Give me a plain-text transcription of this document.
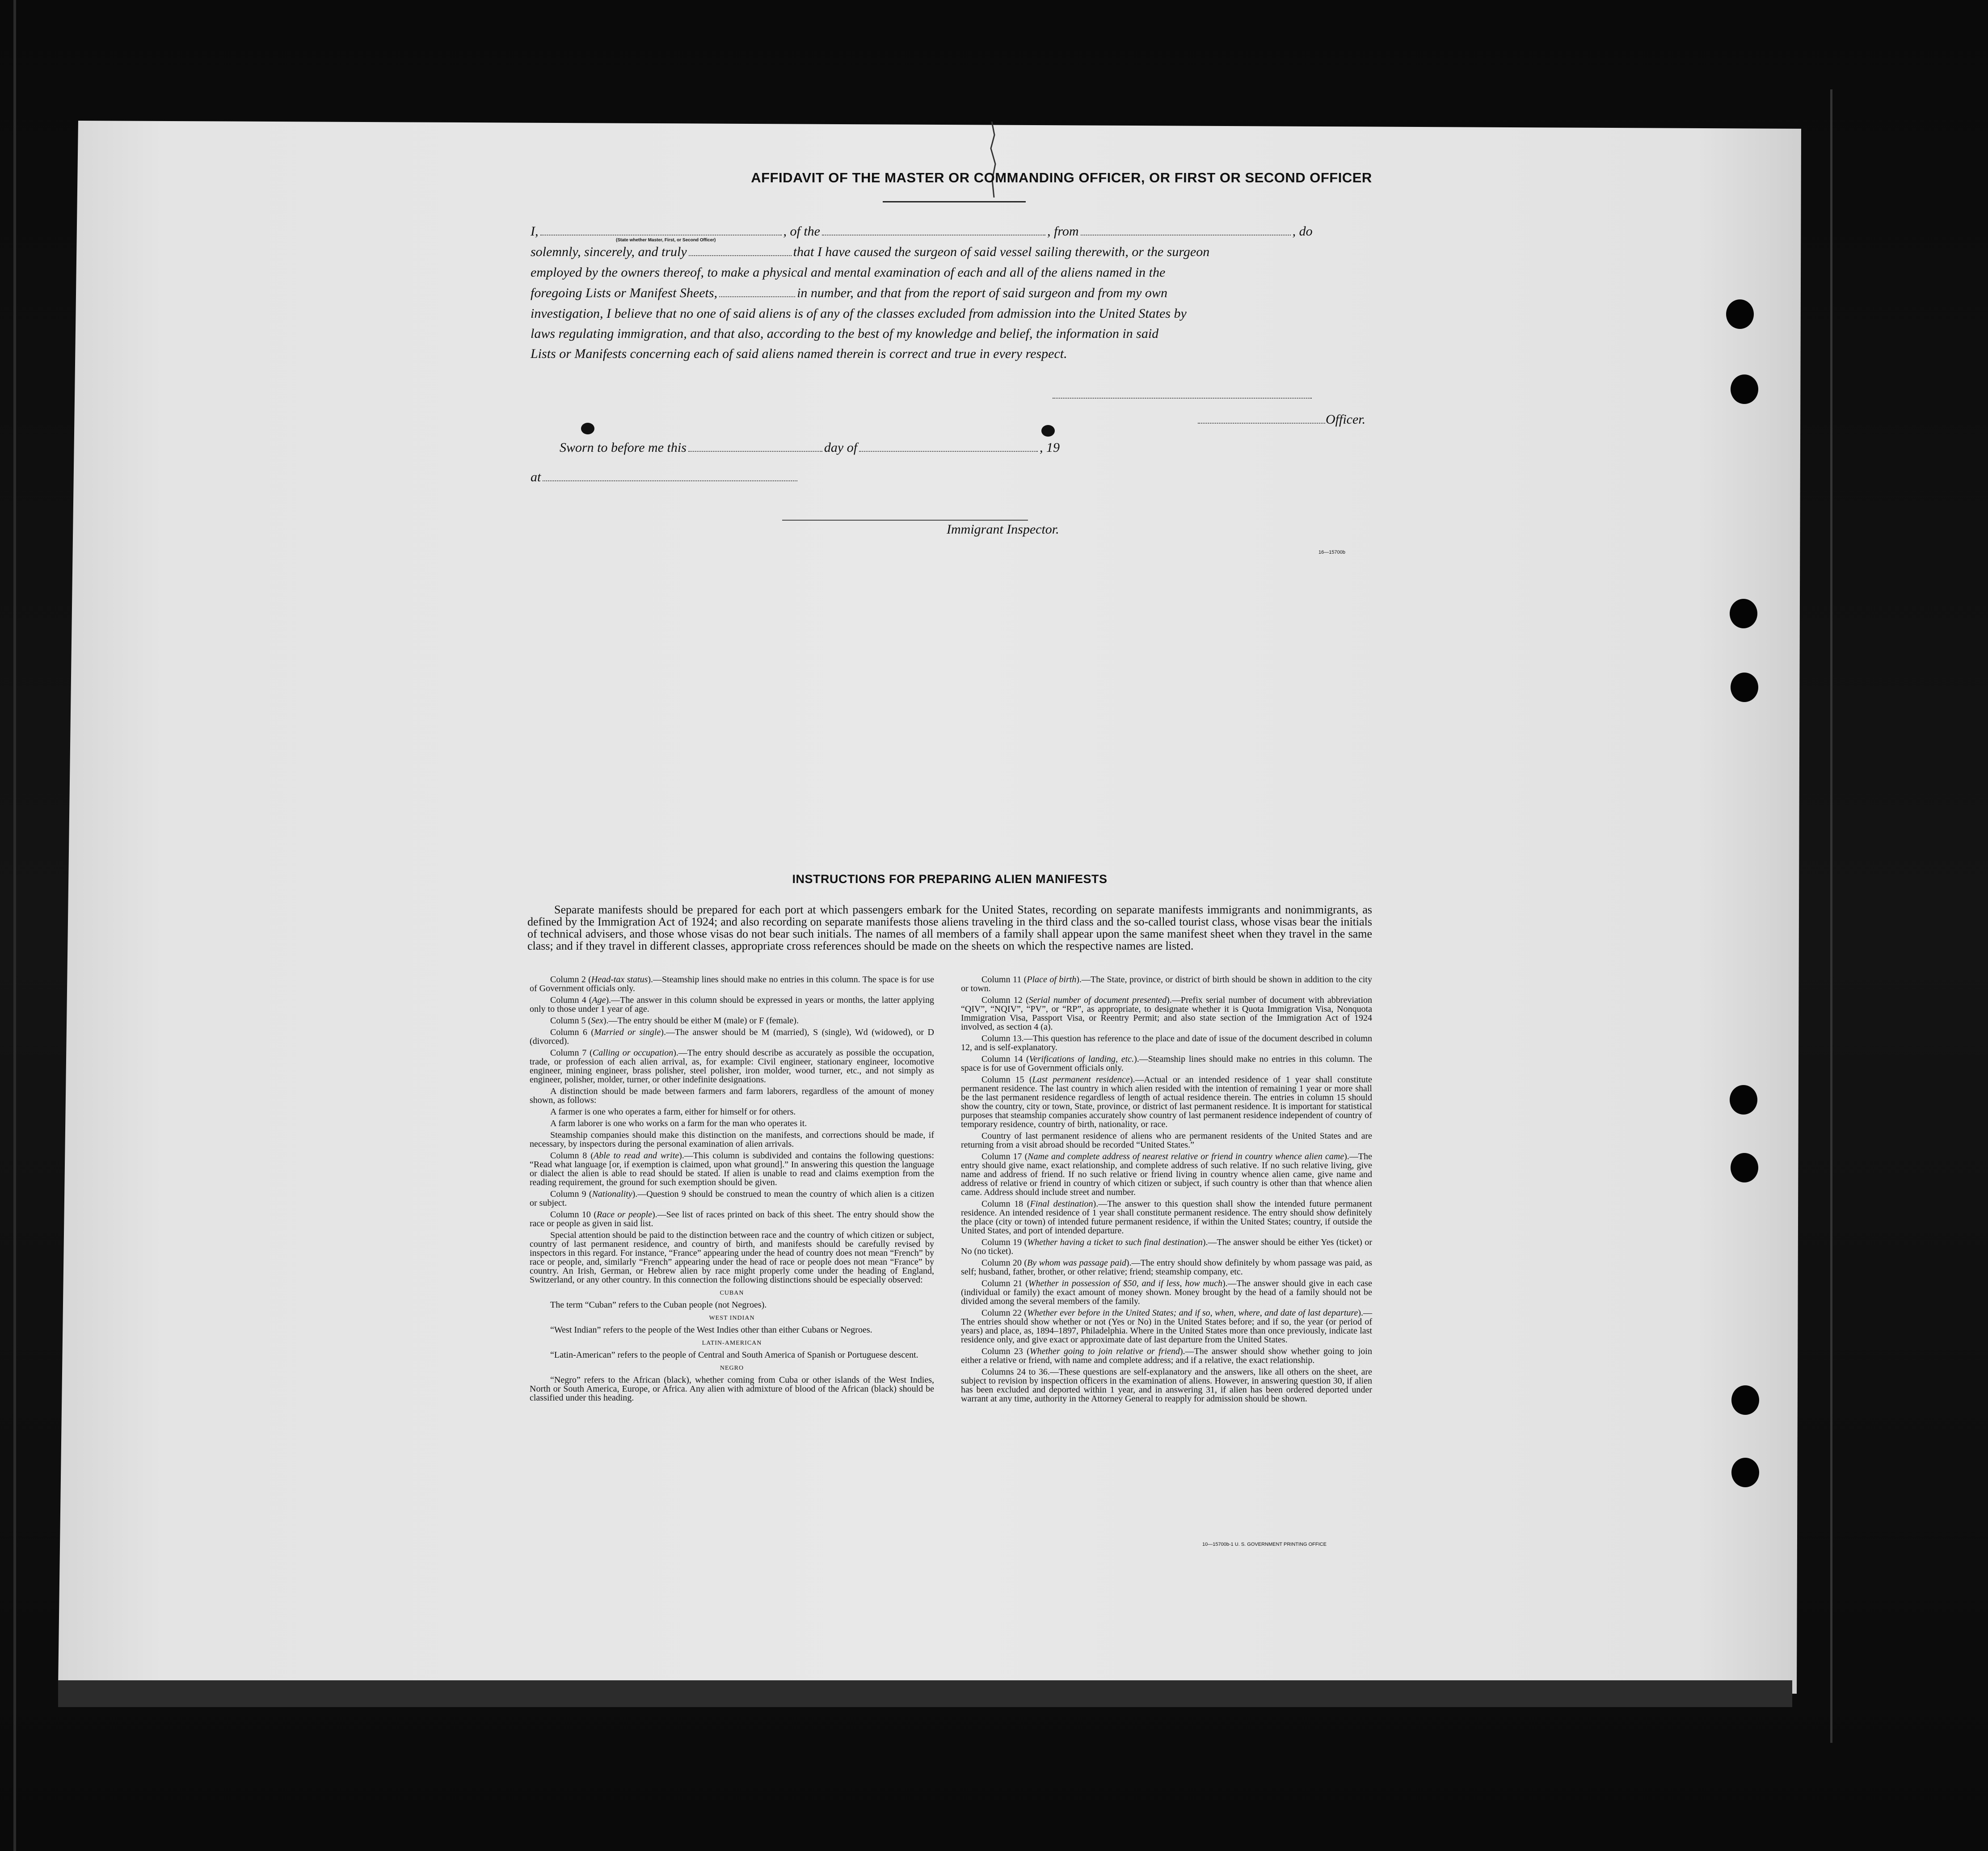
AFFIDAVIT OF THE MASTER OR COMMANDING OFFICER, OR FIRST OR SECOND OFFICER
I,	, of the	, from	, do
(State whether Master, First, or Second Officer)
solemnly, sincerely, and truly	that I have caused the surgeon of said vessel sailing therewith, or the surgeon
employed by the owners thereof, to make a physical and mental examination of each and all of the aliens named in the
foregoing Lists or Manifest Sheets,	in number, and that from the report of said surgeon and from my own
investigation, I believe that no one of said aliens is of any of the classes excluded from admission into the United States by
laws regulating immigration, and that also, according to the best of my knowledge and belief, the information in said
Lists or Manifests concerning each of said aliens named therein is correct and true in every respect.
Officer.
Sworn to before me this	day of	, 19
at
Immigrant Inspector.
16—15700b
INSTRUCTIONS FOR PREPARING ALIEN MANIFESTS
Separate manifests should be prepared for each port at which passengers embark for the United States, recording on separate manifests immigrants and nonimmigrants, as defined by the Immigration Act of 1924; and also recording on separate manifests those aliens traveling in the third class and the so-called tourist class, whose visas bear the initials of technical advisers, and those whose visas do not bear such initials. The names of all members of a family shall appear upon the same manifest sheet when they travel in the same class; and if they travel in different classes, appropriate cross references should be made on the sheets on which the respective names are listed.

Column 2 (Head-tax status).—Steamship lines should make no entries in this column. The space is for use of Government officials only.

Column 4 (Age).—The answer in this column should be expressed in years or months, the latter applying only to those under 1 year of age.

Column 5 (Sex).—The entry should be either M (male) or F (female).

Column 6 (Married or single).—The answer should be M (married), S (single), Wd (widowed), or D (divorced).

Column 7 (Calling or occupation).—The entry should describe as accurately as possible the occupation, trade, or profession of each alien arrival, as, for example: Civil engineer, stationary engineer, locomotive engineer, mining engineer, brass polisher, steel polisher, iron molder, wood turner, etc., and not simply as engineer, polisher, molder, turner, or other indefinite designations.

A distinction should be made between farmers and farm laborers, regardless of the amount of money shown, as follows:

A farmer is one who operates a farm, either for himself or for others.

A farm laborer is one who works on a farm for the man who operates it.

Steamship companies should make this distinction on the manifests, and corrections should be made, if necessary, by inspectors during the personal examination of alien arrivals.

Column 8 (Able to read and write).—This column is subdivided and contains the following questions: “Read what language [or, if exemption is claimed, upon what ground].” In answering this question the language or dialect the alien is able to read should be stated. If alien is unable to read and claims exemption from the reading requirement, the ground for such exemption should be given.

Column 9 (Nationality).—Question 9 should be construed to mean the country of which alien is a citizen or subject.

Column 10 (Race or people).—See list of races printed on back of this sheet. The entry should show the race or people as given in said list.

Special attention should be paid to the distinction between race and the country of which citizen or subject, country of last permanent residence, and country of birth, and manifests should be carefully revised by inspectors in this regard. For instance, “France” appearing under the head of country does not mean “French” by race or people, and, similarly “French” appearing under the head of race or people does not mean “France” by country. An Irish, German, or Hebrew alien by race might properly come under the heading of England, Switzerland, or any other country. In this connection the following distinctions should be especially observed:

CUBAN

The term “Cuban” refers to the Cuban people (not Negroes).

WEST INDIAN

“West Indian” refers to the people of the West Indies other than either Cubans or Negroes.

LATIN-AMERICAN

“Latin-American” refers to the people of Central and South America of Spanish or Portuguese descent.

NEGRO

“Negro” refers to the African (black), whether coming from Cuba or other islands of the West Indies, North or South America, Europe, or Africa. Any alien with admixture of blood of the African (black) should be classified under this heading.

Column 11 (Place of birth).—The State, province, or district of birth should be shown in addition to the city or town.

Column 12 (Serial number of document presented).—Prefix serial number of document with abbreviation “QIV”, “NQIV”, “PV”, or “RP”, as appropriate, to designate whether it is Quota Immigration Visa, Nonquota Immigration Visa, Passport Visa, or Reentry Permit; and also state section of the Immigration Act of 1924 involved, as section 4 (a).

Column 13.—This question has reference to the place and date of issue of the document described in column 12, and is self-explanatory.

Column 14 (Verifications of landing, etc.).—Steamship lines should make no entries in this column. The space is for use of Government officials only.

Column 15 (Last permanent residence).—Actual or an intended residence of 1 year shall constitute permanent residence. The last country in which alien resided with the intention of remaining 1 year or more shall be the last permanent residence regardless of length of actual residence therein. The entries in column 15 should show the country, city or town, State, province, or district of last permanent residence. It is important for statistical purposes that steamship companies accurately show country of last permanent residence independent of country of temporary residence, country of birth, nationality, or race.

Country of last permanent residence of aliens who are permanent residents of the United States and are returning from a visit abroad should be recorded “United States.”

Column 17 (Name and complete address of nearest relative or friend in country whence alien came).—The entry should give name, exact relationship, and complete address of such relative. If no such relative living, give name and address of friend. If no such relative or friend living in country whence alien came, give name and address of relative or friend in country of which citizen or subject, if such country is other than that whence alien came. Address should include street and number.

Column 18 (Final destination).—The answer to this question shall show the intended future permanent residence. An intended residence of 1 year shall constitute permanent residence. The entry should show definitely the place (city or town) of intended future permanent residence, if within the United States; country, if outside the United States, and port of intended departure.

Column 19 (Whether having a ticket to such final destination).—The answer should be either Yes (ticket) or No (no ticket).

Column 20 (By whom was passage paid).—The entry should show definitely by whom passage was paid, as self; husband, father, brother, or other relative; friend; steamship company, etc.

Column 21 (Whether in possession of $50, and if less, how much).—The answer should give in each case (individual or family) the exact amount of money shown. Money brought by the head of a family should not be divided among the several members of the family.

Column 22 (Whether ever before in the United States; and if so, when, where, and date of last departure).—The entries should show whether or not (Yes or No) in the United States before; and if so, the year (or period of years) and place, as, 1894–1897, Philadelphia. Where in the United States more than once previously, indicate last residence only, and give exact or approximate date of last departure from the United States.

Column 23 (Whether going to join relative or friend).—The answer should show whether going to join either a relative or friend, with name and complete address; and if a relative, the exact relationship.

Columns 24 to 36.—These questions are self-explanatory and the answers, like all others on the sheet, are subject to revision by inspection officers in the examination of aliens. However, in answering question 30, if alien has been excluded and deported within 1 year, and in answering 31, if alien has been ordered deported under warrant at any time, authority in the Attorney General to reapply for admission should be shown.

10—15700b-1 U. S. GOVERNMENT PRINTING OFFICE
